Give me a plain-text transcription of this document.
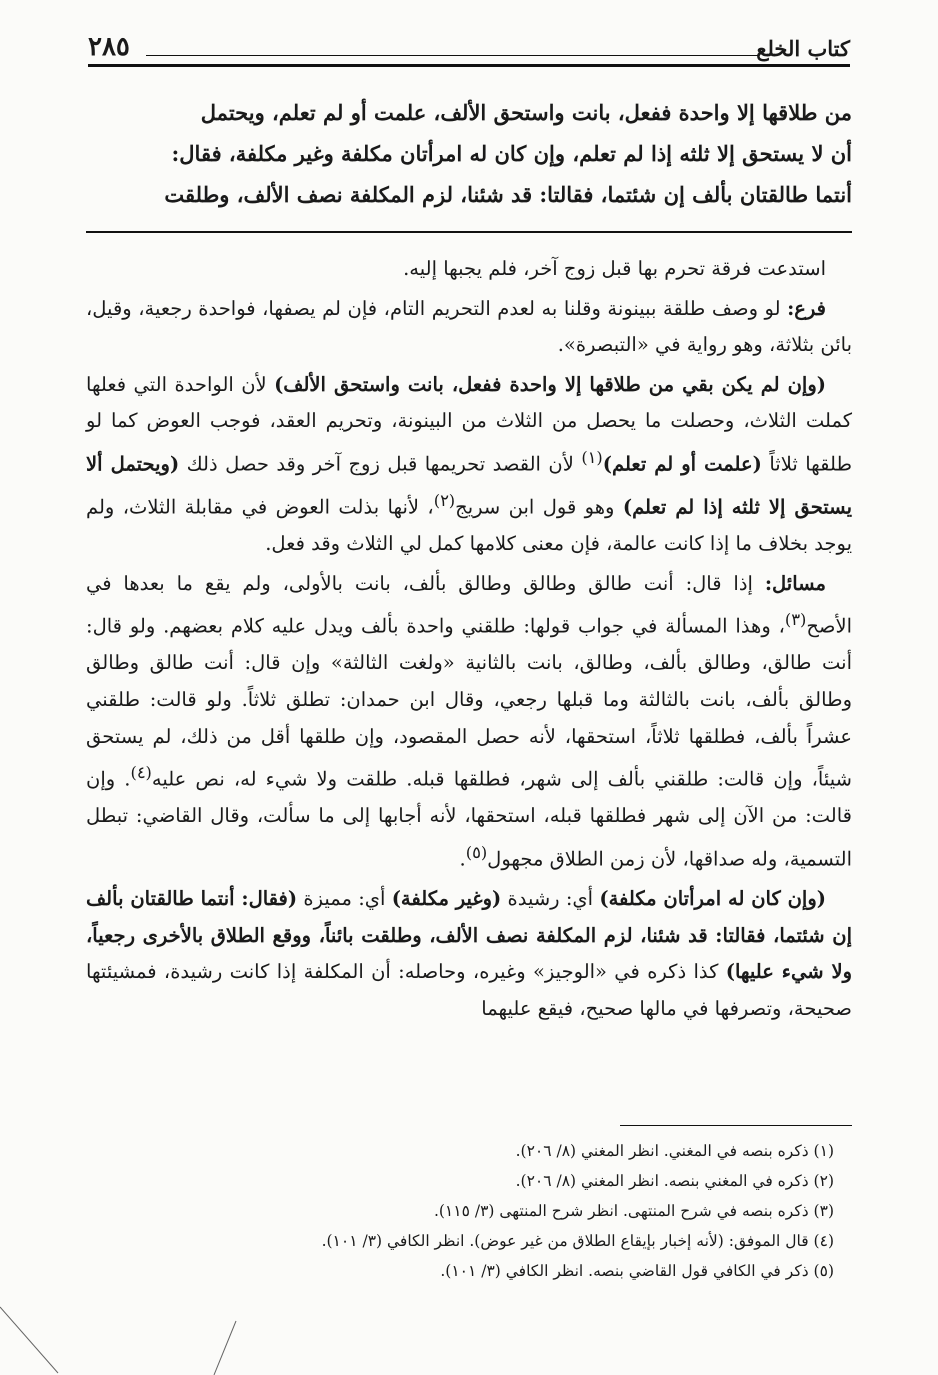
كتاب الخلع
٢٨٥

من طلاقها إلا واحدة ففعل، بانت واستحق الألف، علمت أو لم تعلم، ويحتمل

أن لا يستحق إلا ثلثه إذا لم تعلم، وإن كان له امرأتان مكلفة وغير مكلفة، فقال:

أنتما طالقتان بألف إن شئتما، فقالتا: قد شئنا، لزم المكلفة نصف الألف، وطلقت

استدعت فرقة تحرم بها قبل زوج آخر، فلم يجبها إليه.

فرع: لو وصف طلقة ببينونة وقلنا به لعدم التحريم التام، فإن لم يصفها، فواحدة رجعية، وقيل، بائن بثلاثة، وهو رواية في «التبصرة».

(وإن لم يكن بقي من طلاقها إلا واحدة ففعل، بانت واستحق الألف) لأن الواحدة التي فعلها كملت الثلاث، وحصلت ما يحصل من الثلاث من البينونة، وتحريم العقد، فوجب العوض كما لو طلقها ثلاثاً (علمت أو لم تعلم)$^{(١)}$ لأن القصد تحريمها قبل زوج آخر وقد حصل ذلك (ويحتمل ألا يستحق إلا ثلثه إذا لم تعلم) وهو قول ابن سريج$^{(٢)}$، لأنها بذلت العوض في مقابلة الثلاث، ولم يوجد بخلاف ما إذا كانت عالمة، فإن معنى كلامها كمل لي الثلاث وقد فعل.

مسائل: إذا قال: أنت طالق وطالق وطالق بألف، بانت بالأولى، ولم يقع ما بعدها في الأصح$^{(٣)}$، وهذا المسألة في جواب قولها: طلقني واحدة بألف ويدل عليه كلام بعضهم. ولو قال: أنت طالق، وطالق بألف، وطالق، بانت بالثانية «ولغت الثالثة» وإن قال: أنت طالق وطالق وطالق بألف، بانت بالثالثة وما قبلها رجعي، وقال ابن حمدان: تطلق ثلاثاً. ولو قالت: طلقني عشراً بألف، فطلقها ثلاثاً، استحقها، لأنه حصل المقصود، وإن طلقها أقل من ذلك، لم يستحق شيئاً، وإن قالت: طلقني بألف إلى شهر، فطلقها قبله. طلقت ولا شيء له، نص عليه$^{(٤)}$. وإن قالت: من الآن إلى شهر فطلقها قبله، استحقها، لأنه أجابها إلى ما سألت، وقال القاضي: تبطل التسمية، وله صداقها، لأن زمن الطلاق مجهول$^{(٥)}$.

(وإن كان له امرأتان مكلفة) أي: رشيدة (وغير مكلفة) أي: مميزة (فقال: أنتما طالقتان بألف إن شئتما، فقالتا: قد شئنا، لزم المكلفة نصف الألف، وطلقت بائناً، ووقع الطلاق بالأخرى رجعياً، ولا شيء عليها) كذا ذكره في «الوجيز» وغيره، وحاصله: أن المكلفة إذا كانت رشيدة، فمشيئتها صحيحة، وتصرفها في مالها صحيح، فيقع عليهما

(١) ذكره بنصه في المغني. انظر المغني (٨/ ٢٠٦).

(٢) ذكره في المغني بنصه. انظر المغني (٨/ ٢٠٦).

(٣) ذكره بنصه في شرح المنتهى. انظر شرح المنتهى (٣/ ١١٥).

(٤) قال الموفق: (لأنه إخبار بإيقاع الطلاق من غير عوض). انظر الكافي (٣/ ١٠١).

(٥) ذكر في الكافي قول القاضي بنصه. انظر الكافي (٣/ ١٠١).
